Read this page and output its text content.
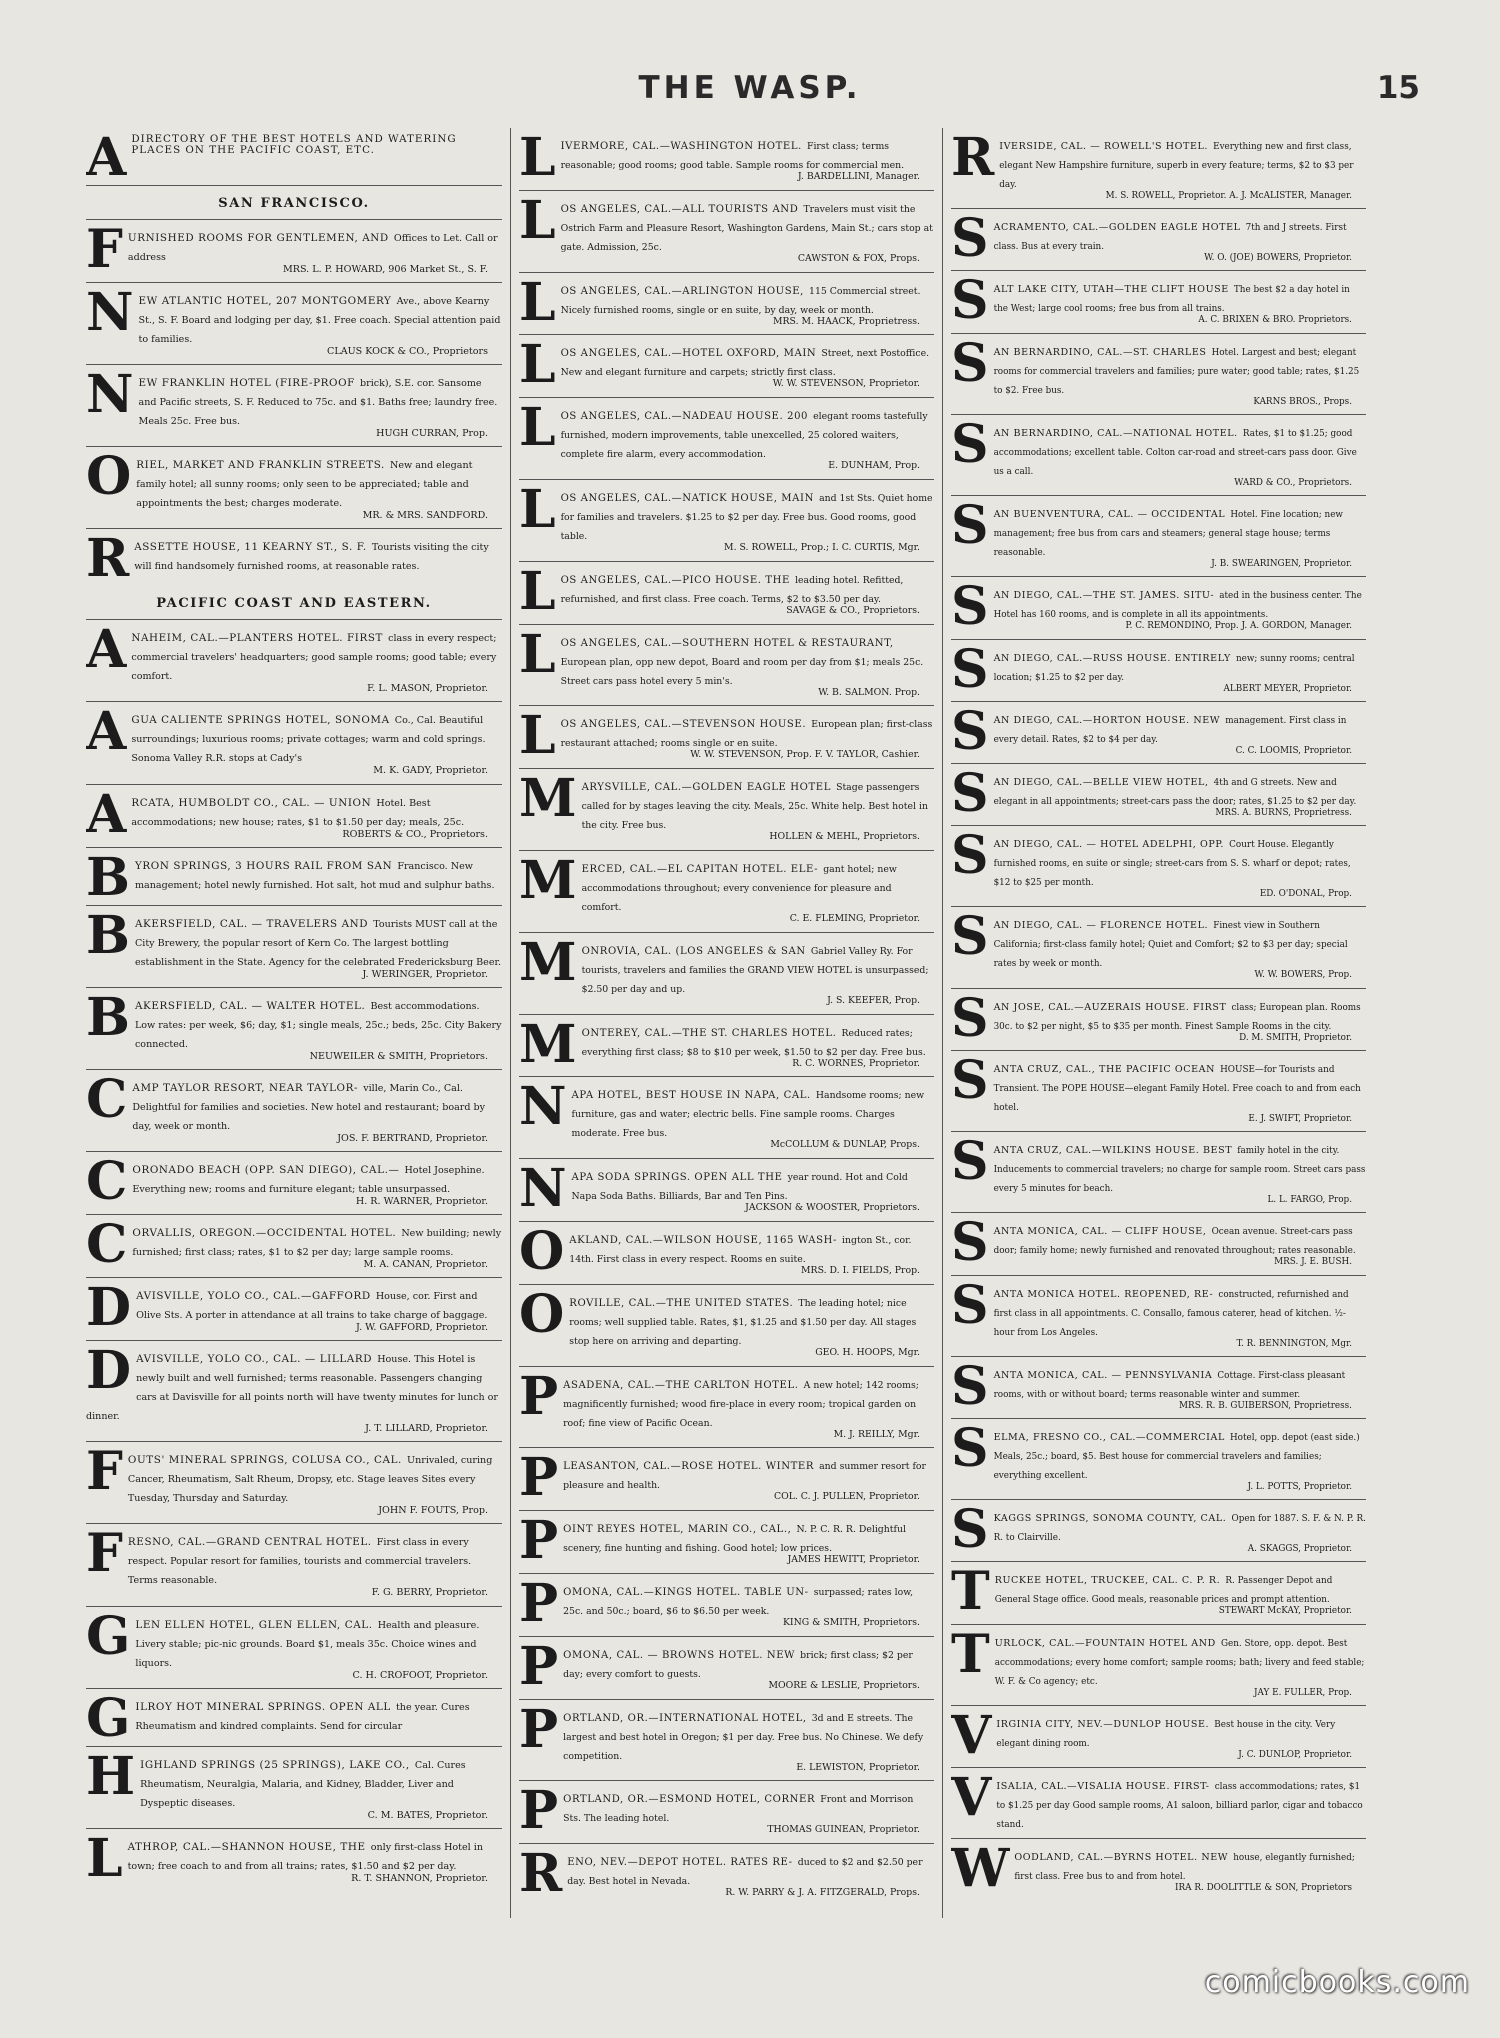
THE WASP.	15
A DIRECTORY OF THE BEST HOTELS AND WATERING PLACES ON THE PACIFIC COAST, ETC.
SAN FRANCISCO.
FURNISHED ROOMS FOR GENTLEMEN, AND Offices to Let. Call or address
MRS. L. P. HOWARD, 906 Market St., S. F.
NEW ATLANTIC HOTEL, 207 MONTGOMERY Ave., above Kearny St., S. F. Board and lodging per day, $1. Free coach. Special attention paid to families.
CLAUS KOCK & CO., Proprietors
NEW FRANKLIN HOTEL (FIRE-PROOF brick), S.E. cor. Sansome and Pacific streets, S. F. Reduced to 75c. and $1. Baths free; laundry free. Meals 25c. Free bus.
HUGH CURRAN, Prop.
ORIEL, MARKET AND FRANKLIN STREETS. New and elegant family hotel; all sunny rooms; only seen to be appreciated; table and appointments the best; charges moderate.
MR. & MRS. SANDFORD.
RASSETTE HOUSE, 11 KEARNY ST., S. F. Tourists visiting the city will find handsomely furnished rooms, at reasonable rates.
PACIFIC COAST AND EASTERN.
ANAHEIM, CAL.—PLANTERS HOTEL. FIRST class in every respect; commercial travelers' headquarters; good sample rooms; good table; every comfort.
F. L. MASON, Proprietor.
AGUA CALIENTE SPRINGS HOTEL, SONOMA Co., Cal. Beautiful surroundings; luxurious rooms; private cottages; warm and cold springs. Sonoma Valley R.R. stops at Cady's
M. K. GADY, Proprietor.
ARCATA, HUMBOLDT CO., CAL. — UNION Hotel. Best accommodations; new house; rates, $1 to $1.50 per day; meals, 25c.
ROBERTS & CO., Proprietors.
BYRON SPRINGS, 3 HOURS RAIL FROM SAN Francisco. New management; hotel newly furnished. Hot salt, hot mud and sulphur baths.
BAKERSFIELD, CAL. — TRAVELERS AND Tourists MUST call at the City Brewery, the popular resort of Kern Co. The largest bottling establishment in the State. Agency for the celebrated Fredericksburg Beer.
J. WERINGER, Proprietor.
BAKERSFIELD, CAL. — WALTER HOTEL. Best accommodations. Low rates: per week, $6; day, $1; single meals, 25c.; beds, 25c. City Bakery connected.
NEUWEILER & SMITH, Proprietors.
CAMP TAYLOR RESORT, NEAR TAYLOR- ville, Marin Co., Cal. Delightful for families and societies. New hotel and restaurant; board by day, week or month.
JOS. F. BERTRAND, Proprietor.
CORONADO BEACH (OPP. SAN DIEGO), CAL.— Hotel Josephine. Everything new; rooms and furniture elegant; table unsurpassed.
H. R. WARNER, Proprietor.
CORVALLIS, OREGON.—OCCIDENTAL HOTEL. New building; newly furnished; first class; rates, $1 to $2 per day; large sample rooms.
M. A. CANAN, Proprietor.
DAVISVILLE, YOLO CO., CAL.—GAFFORD House, cor. First and Olive Sts. A porter in attendance at all trains to take charge of baggage.
J. W. GAFFORD, Proprietor.
DAVISVILLE, YOLO CO., CAL. — LILLARD House. This Hotel is newly built and well furnished; terms reasonable. Passengers changing cars at Davisville for all points north will have twenty minutes for lunch or dinner.
J. T. LILLARD, Proprietor.
FOUTS' MINERAL SPRINGS, COLUSA CO., CAL. Unrivaled, curing Cancer, Rheumatism, Salt Rheum, Dropsy, etc. Stage leaves Sites every Tuesday, Thursday and Saturday.
JOHN F. FOUTS, Prop.
FRESNO, CAL.—GRAND CENTRAL HOTEL. First class in every respect. Popular resort for families, tourists and commercial travelers. Terms reasonable.
F. G. BERRY, Proprietor.
GLEN ELLEN HOTEL, GLEN ELLEN, CAL. Health and pleasure. Livery stable; pic-nic grounds. Board $1, meals 35c. Choice wines and liquors.
C. H. CROFOOT, Proprietor.
GILROY HOT MINERAL SPRINGS. OPEN ALL the year. Cures Rheumatism and kindred complaints. Send for circular
HIGHLAND SPRINGS (25 SPRINGS), LAKE CO., Cal. Cures Rheumatism, Neuralgia, Malaria, and Kidney, Bladder, Liver and Dyspeptic diseases.
C. M. BATES, Proprietor.
LATHROP, CAL.—SHANNON HOUSE, THE only first-class Hotel in town; free coach to and from all trains; rates, $1.50 and $2 per day.
R. T. SHANNON, Proprietor.
LIVERMORE, CAL.—WASHINGTON HOTEL. First class; terms reasonable; good rooms; good table. Sample rooms for commercial men.
J. BARDELLINI, Manager.
LOS ANGELES, CAL.—ALL TOURISTS AND Travelers must visit the Ostrich Farm and Pleasure Resort, Washington Gardens, Main St.; cars stop at gate. Admission, 25c.
CAWSTON & FOX, Props.
LOS ANGELES, CAL.—ARLINGTON HOUSE, 115 Commercial street. Nicely furnished rooms, single or en suite, by day, week or month.
MRS. M. HAACK, Proprietress.
LOS ANGELES, CAL.—HOTEL OXFORD, MAIN Street, next Postoffice. New and elegant furniture and carpets; strictly first class.
W. W. STEVENSON, Proprietor.
LOS ANGELES, CAL.—NADEAU HOUSE. 200 elegant rooms tastefully furnished, modern improvements, table unexcelled, 25 colored waiters, complete fire alarm, every accommodation.
E. DUNHAM, Prop.
LOS ANGELES, CAL.—NATICK HOUSE, MAIN and 1st Sts. Quiet home for families and travelers. $1.25 to $2 per day. Free bus. Good rooms, good table.
M. S. ROWELL, Prop.; I. C. CURTIS, Mgr.
LOS ANGELES, CAL.—PICO HOUSE. THE leading hotel. Refitted, refurnished, and first class. Free coach. Terms, $2 to $3.50 per day.
SAVAGE & CO., Proprietors.
LOS ANGELES, CAL.—SOUTHERN HOTEL & RESTAURANT, European plan, opp new depot, Board and room per day from $1; meals 25c. Street cars pass hotel every 5 min's.
W. B. SALMON. Prop.
LOS ANGELES, CAL.—STEVENSON HOUSE. European plan; first-class restaurant attached; rooms single or en suite.
W. W. STEVENSON, Prop. F. V. TAYLOR, Cashier.
MARYSVILLE, CAL.—GOLDEN EAGLE HOTEL Stage passengers called for by stages leaving the city. Meals, 25c. White help. Best hotel in the city. Free bus.
HOLLEN & MEHL, Proprietors.
MERCED, CAL.—EL CAPITAN HOTEL. ELE- gant hotel; new accommodations throughout; every convenience for pleasure and comfort.
C. E. FLEMING, Proprietor.
MONROVIA, CAL. (LOS ANGELES & SAN Gabriel Valley Ry. For tourists, travelers and families the GRAND VIEW HOTEL is unsurpassed; $2.50 per day and up.
J. S. KEEFER, Prop.
MONTEREY, CAL.—THE ST. CHARLES HOTEL. Reduced rates; everything first class; $8 to $10 per week, $1.50 to $2 per day. Free bus.
R. C. WORNES, Proprietor.
NAPA HOTEL, BEST HOUSE IN NAPA, CAL. Handsome rooms; new furniture, gas and water; electric bells. Fine sample rooms. Charges moderate. Free bus.
McCOLLUM & DUNLAP, Props.
NAPA SODA SPRINGS. OPEN ALL THE year round. Hot and Cold Napa Soda Baths. Billiards, Bar and Ten Pins.
JACKSON & WOOSTER, Proprietors.
OAKLAND, CAL.—WILSON HOUSE, 1165 WASH- ington St., cor. 14th. First class in every respect. Rooms en suite.
MRS. D. I. FIELDS, Prop.
OROVILLE, CAL.—THE UNITED STATES. The leading hotel; nice rooms; well supplied table. Rates, $1, $1.25 and $1.50 per day. All stages stop here on arriving and departing.
GEO. H. HOOPS, Mgr.
PASADENA, CAL.—THE CARLTON HOTEL. A new hotel; 142 rooms; magnificently furnished; wood fire-place in every room; tropical garden on roof; fine view of Pacific Ocean.
M. J. REILLY, Mgr.
PLEASANTON, CAL.—ROSE HOTEL. WINTER and summer resort for pleasure and health.
COL. C. J. PULLEN, Proprietor.
POINT REYES HOTEL, MARIN CO., CAL., N. P. C. R. R. Delightful scenery, fine hunting and fishing. Good hotel; low prices.
JAMES HEWITT, Proprietor.
POMONA, CAL.—KINGS HOTEL. TABLE UN- surpassed; rates low, 25c. and 50c.; board, $6 to $6.50 per week.
KING & SMITH, Proprietors.
POMONA, CAL. — BROWNS HOTEL. NEW brick; first class; $2 per day; every comfort to guests.
MOORE & LESLIE, Proprietors.
PORTLAND, OR.—INTERNATIONAL HOTEL, 3d and E streets. The largest and best hotel in Oregon; $1 per day. Free bus. No Chinese. We defy competition.
E. LEWISTON, Proprietor.
PORTLAND, OR.—ESMOND HOTEL, CORNER Front and Morrison Sts. The leading hotel.
THOMAS GUINEAN, Proprietor.
RENO, NEV.—DEPOT HOTEL. RATES RE- duced to $2 and $2.50 per day. Best hotel in Nevada.
R. W. PARRY & J. A. FITZGERALD, Props.
RIVERSIDE, CAL. — ROWELL'S HOTEL. Everything new and first class, elegant New Hampshire furniture, superb in every feature; terms, $2 to $3 per day.
M. S. ROWELL, Proprietor. A. J. McALISTER, Manager.
SACRAMENTO, CAL.—GOLDEN EAGLE HOTEL 7th and J streets. First class. Bus at every train.
W. O. (JOE) BOWERS, Proprietor.
SALT LAKE CITY, UTAH—THE CLIFT HOUSE The best $2 a day hotel in the West; large cool rooms; free bus from all trains.
A. C. BRIXEN & BRO. Proprietors.
SAN BERNARDINO, CAL.—ST. CHARLES Hotel. Largest and best; elegant rooms for commercial travelers and families; pure water; good table; rates, $1.25 to $2. Free bus.
KARNS BROS., Props.
SAN BERNARDINO, CAL.—NATIONAL HOTEL. Rates, $1 to $1.25; good accommodations; excellent table. Colton car-road and street-cars pass door. Give us a call.
WARD & CO., Proprietors.
SAN BUENVENTURA, CAL. — OCCIDENTAL Hotel. Fine location; new management; free bus from cars and steamers; general stage house; terms reasonable.
J. B. SWEARINGEN, Proprietor.
SAN DIEGO, CAL.—THE ST. JAMES. SITU- ated in the business center. The Hotel has 160 rooms, and is complete in all its appointments.
P. C. REMONDINO, Prop. J. A. GORDON, Manager.
SAN DIEGO, CAL.—RUSS HOUSE. ENTIRELY new; sunny rooms; central location; $1.25 to $2 per day.
ALBERT MEYER, Proprietor.
SAN DIEGO, CAL.—HORTON HOUSE. NEW management. First class in every detail. Rates, $2 to $4 per day.
C. C. LOOMIS, Proprietor.
SAN DIEGO, CAL.—BELLE VIEW HOTEL, 4th and G streets. New and elegant in all appointments; street-cars pass the door; rates, $1.25 to $2 per day.
MRS. A. BURNS, Proprietress.
SAN DIEGO, CAL. — HOTEL ADELPHI, OPP. Court House. Elegantly furnished rooms, en suite or single; street-cars from S. S. wharf or depot; rates, $12 to $25 per month.
ED. O'DONAL, Prop.
SAN DIEGO, CAL. — FLORENCE HOTEL. Finest view in Southern California; first-class family hotel; Quiet and Comfort; $2 to $3 per day; special rates by week or month.
W. W. BOWERS, Prop.
SAN JOSE, CAL.—AUZERAIS HOUSE. FIRST class; European plan. Rooms 30c. to $2 per night, $5 to $35 per month. Finest Sample Rooms in the city.
D. M. SMITH, Proprietor.
SANTA CRUZ, CAL., THE PACIFIC OCEAN HOUSE—for Tourists and Transient. The POPE HOUSE—elegant Family Hotel. Free coach to and from each hotel.
E. J. SWIFT, Proprietor.
SANTA CRUZ, CAL.—WILKINS HOUSE. BEST family hotel in the city. Inducements to commercial travelers; no charge for sample room. Street cars pass every 5 minutes for beach.
L. L. FARGO, Prop.
SANTA MONICA, CAL. — CLIFF HOUSE, Ocean avenue. Street-cars pass door; family home; newly furnished and renovated throughout; rates reasonable.
MRS. J. E. BUSH.
SANTA MONICA HOTEL. REOPENED, RE- constructed, refurnished and first class in all appointments. C. Consallo, famous caterer, head of kitchen. ½-hour from Los Angeles.
T. R. BENNINGTON, Mgr.
SANTA MONICA, CAL. — PENNSYLVANIA Cottage. First-class pleasant rooms, with or without board; terms reasonable winter and summer.
MRS. R. B. GUIBERSON, Proprietress.
SELMA, FRESNO CO., CAL.—COMMERCIAL Hotel, opp. depot (east side.) Meals, 25c.; board, $5. Best house for commercial travelers and families; everything excellent.
J. L. POTTS, Proprietor.
SKAGGS SPRINGS, SONOMA COUNTY, CAL. Open for 1887. S. F. & N. P. R. R. to Clairville.
A. SKAGGS, Proprietor.
TRUCKEE HOTEL, TRUCKEE, CAL. C. P. R. R. Passenger Depot and General Stage office. Good meals, reasonable prices and prompt attention.
STEWART McKAY, Proprietor.
TURLOCK, CAL.—FOUNTAIN HOTEL AND Gen. Store, opp. depot. Best accommodations; every home comfort; sample rooms; bath; livery and feed stable; W. F. & Co agency; etc.
JAY E. FULLER, Prop.
VIRGINIA CITY, NEV.—DUNLOP HOUSE. Best house in the city. Very elegant dining room.
J. C. DUNLOP, Proprietor.
VISALIA, CAL.—VISALIA HOUSE. FIRST- class accommodations; rates, $1 to $1.25 per day Good sample rooms, A1 saloon, billiard parlor, cigar and tobacco stand.
WOODLAND, CAL.—BYRNS HOTEL. NEW house, elegantly furnished; first class. Free bus to and from hotel.
IRA R. DOOLITTLE & SON, Proprietors
comicbooks.com
